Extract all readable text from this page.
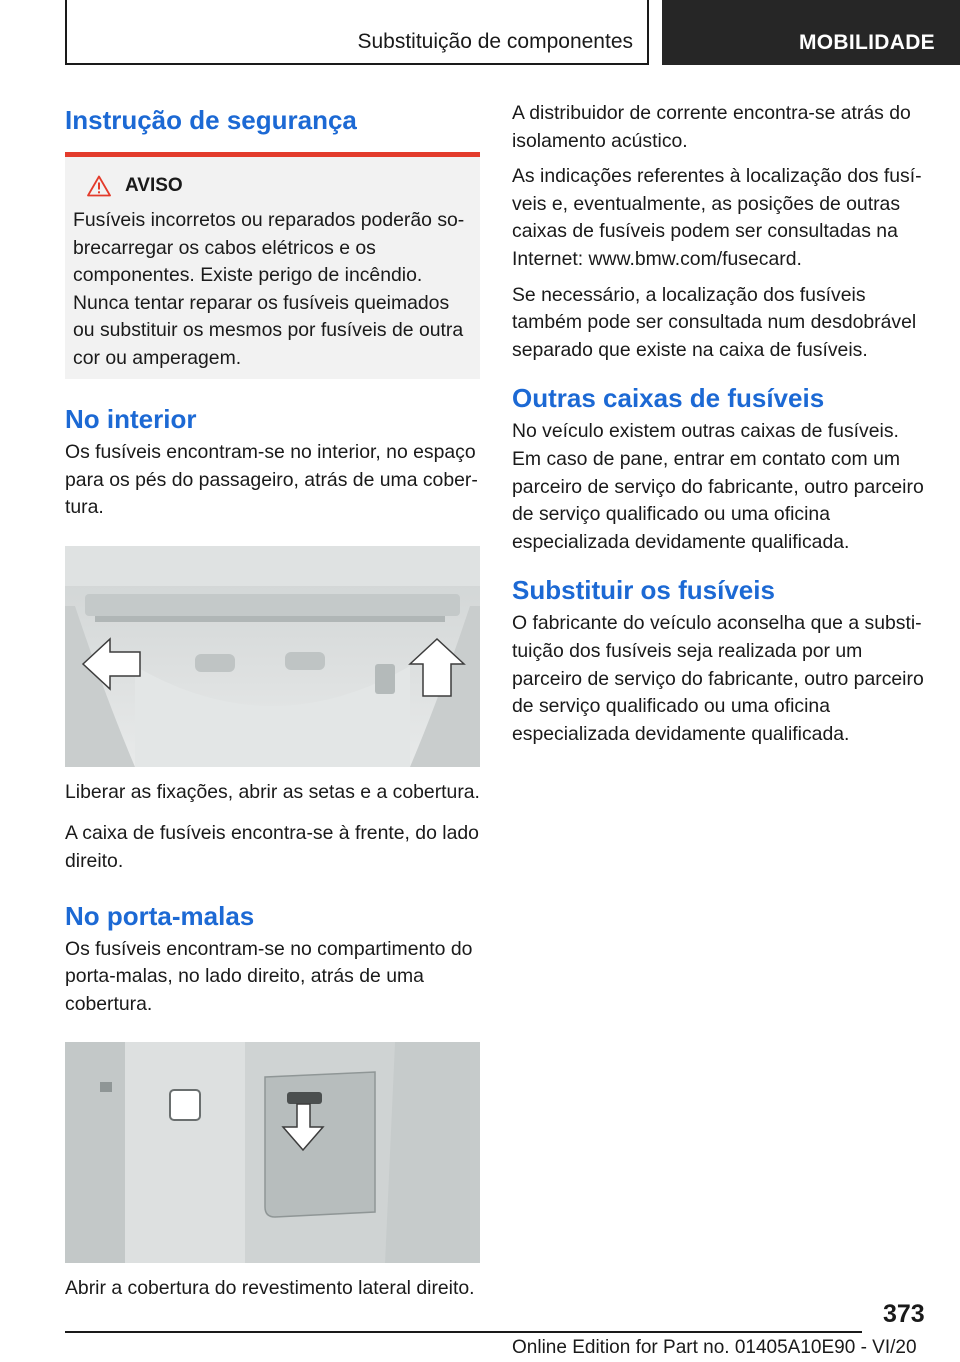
Substituição de componentes	MOBILIDADE
Instrução de segurança
AVISO

Fusíveis incorretos ou reparados poderão sobrecarregar os cabos elétricos e os componentes. Existe perigo de incêndio. Nunca tentar reparar os fusíveis queimados ou substituir os mesmos por fusíveis de outra cor ou amperagem.

No interior

Os fusíveis encontram-se no interior, no espaço para os pés do passageiro, atrás de uma cobertura.

Liberar as fixações, abrir as setas e a cobertura.

A caixa de fusíveis encontra-se à frente, do lado direito.

No porta-malas

Os fusíveis encontram-se no compartimento do porta-malas, no lado direito, atrás de uma cobertura.

Abrir a cobertura do revestimento lateral direito.

A distribuidor de corrente encontra-se atrás do isolamento acústico.

As indicações referentes à localização dos fusíveis e, eventualmente, as posições de outras caixas de fusíveis podem ser consultadas na Internet: www.bmw.com/fusecard.

Se necessário, a localização dos fusíveis também pode ser consultada num desdobrável separado que existe na caixa de fusíveis.

Outras caixas de fusíveis

No veículo existem outras caixas de fusíveis. Em caso de pane, entrar em contato com um parceiro de serviço do fabricante, outro parceiro de serviço qualificado ou uma oficina especializada devidamente qualificada.

Substituir os fusíveis

O fabricante do veículo aconselha que a substituição dos fusíveis seja realizada por um parceiro de serviço do fabricante, outro parceiro de serviço qualificado ou uma oficina especializada devidamente qualificada.

373
Online Edition for Part no. 01405A10E90 - VI/20
